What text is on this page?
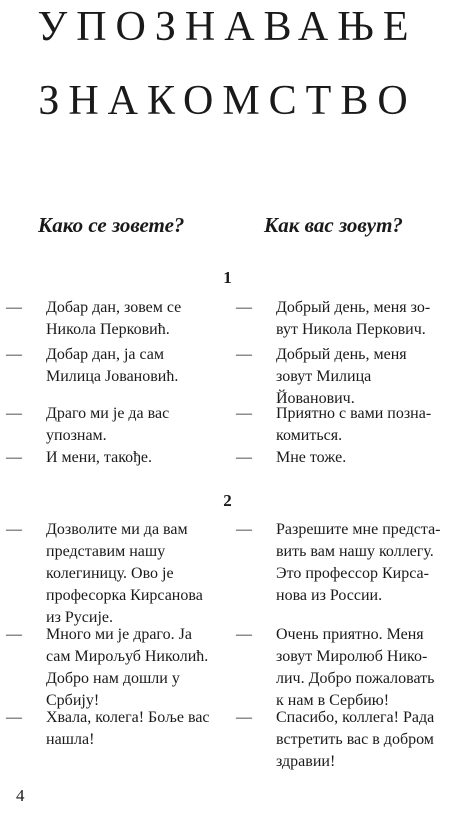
УПОЗНАВАЊЕ
ЗНАКОМСТВО
Како се зовете?	Как вас зовут?
1
— Добар дан, зовем се
Никола Перковић.
— Добрый день, меня зо-
вут Никола Перкович.
— Добар дан, ја сам
Милица Јовановић.
— Добрый день, меня
зовут Милица
Йованович.
— Драго ми је да вас
упознам.
— Приятно с вами позна-
комиться.
— И мени, такође.	— Мне тоже.
2
— Дозволите ми да вам
представим нашу
колегиницу. Ово је
професорка Кирсанова
из Русије.
— Разрешите мне предста-
вить вам нашу коллегу.
Это профессор Кирса-
нова из России.
— Много ми је драго. Ја
сам Мирољуб Николић.
Добро нам дошли у
Србију!
— Очень приятно. Меня
зовут Миролюб Нико-
лич. Добро пожаловать
к нам в Сербию!
— Хвала, колега! Боље вас
нашла!
— Спасибо, коллега! Рада
встретить вас в добром
здравии!
4
